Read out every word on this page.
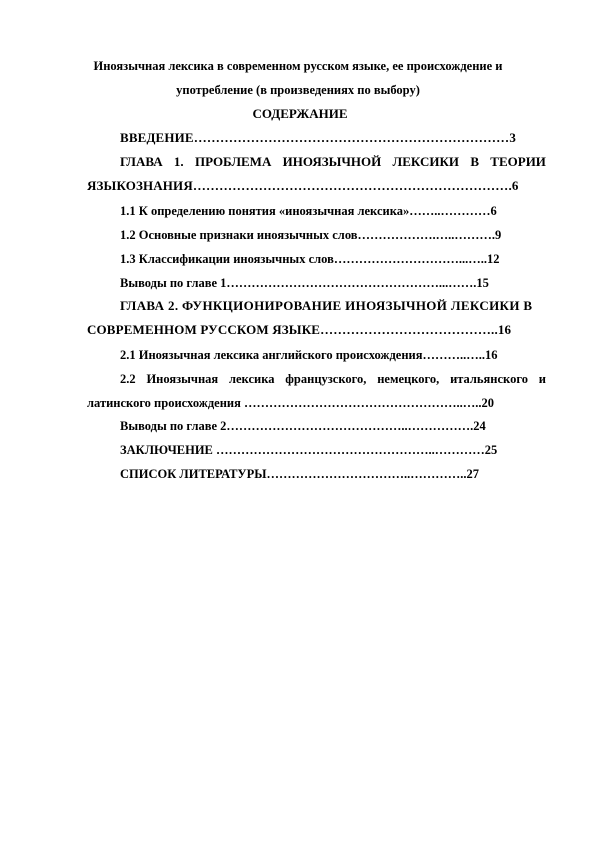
Иноязычная лексика в современном русском языке, ее происхождение и
употребление (в произведениях по выбору)
СОДЕРЖАНИЕ
ВВЕДЕНИЕ………………………………………………………………3
ГЛАВА 1. ПРОБЛЕМА ИНОЯЗЫЧНОЙ ЛЕКСИКИ В ТЕОРИИ
ЯЗЫКОЗНАНИЯ……………………………………………………………….6
1.1 К определению понятия «иноязычная лексика»……..…………6
1.2 Основные признаки иноязычных слов……………….…..……….9
1.3 Классификации иноязычных слов…………………………...…..12
Выводы по главе 1……………………………………………...…….15
ГЛАВА 2. ФУНКЦИОНИРОВАНИЕ ИНОЯЗЫЧНОЙ ЛЕКСИКИ В
СОВРЕМЕННОМ РУССКОМ ЯЗЫКЕ…………………………………..16
2.1 Иноязычная лексика английского происхождения………..…..16
2.2 Иноязычная лексика французского, немецкого, итальянского и
латинского происхождения ……………………………………………..…..20
Выводы по главе 2……………………………………..…………….24
ЗАКЛЮЧЕНИЕ ……………………………………………..…………25
СПИСОК ЛИТЕРАТУРЫ……………………………..…………..27
